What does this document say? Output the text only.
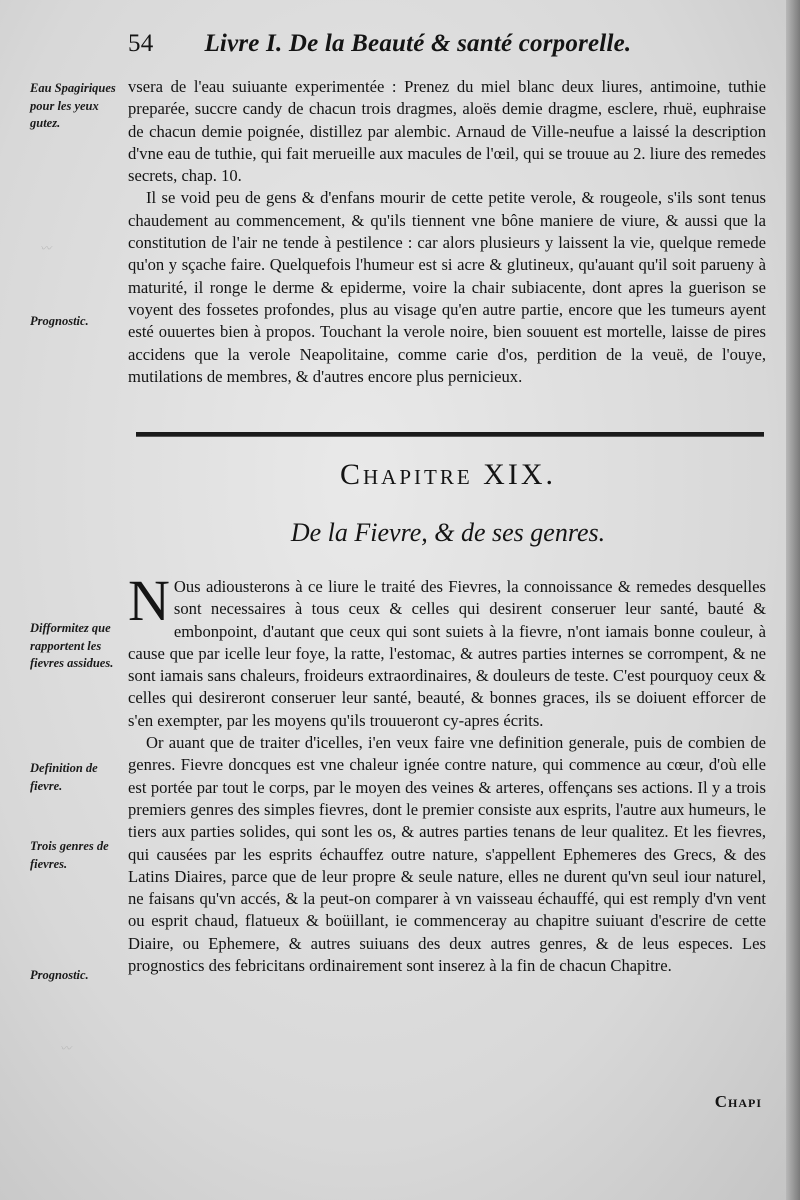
54 Livre I. De la Beauté & santé corporelle.
Eau Spagiriques pour les yeux gutez.
Prognostic.
Difformitez que rapportent les fievres assidues.
Definition de fievre.
Trois genres de fievres.
Prognostic.
〰
〰

vsera de l'eau suiuante experimentée : Prenez du miel blanc deux liures, antimoine, tuthie preparée, succre candy de chacun trois dragmes, aloës demie dragme, esclere, rhuë, euphraise de chacun demie poignée, distillez par alembic. Arnaud de Ville-neufue a laissé la description d'vne eau de tuthie, qui fait merueille aux macules de l'œil, qui se trouue au 2. liure des remedes secrets, chap. 10.

Il se void peu de gens & d'enfans mourir de cette petite verole, & rougeole, s'ils sont tenus chaudement au commencement, & qu'ils tiennent vne bône maniere de viure, & aussi que la constitution de l'air ne tende à pestilence : car alors plusieurs y laissent la vie, quelque remede qu'on y sçache faire. Quelquefois l'humeur est si acre & glutineux, qu'auant qu'il soit parueny à maturité, il ronge le derme & epiderme, voire la chair subiacente, dont apres la guerison se voyent des fossetes profondes, plus au visage qu'en autre partie, encore que les tumeurs ayent esté ouuertes bien à propos. Touchant la verole noire, bien souuent est mortelle, laisse de pires accidens que la verole Neapolitaine, comme carie d'os, perdition de la veuë, de l'ouye, mutilations de membres, & d'autres encore plus pernicieux.

Chapitre XIX.
De la Fievre, & de ses genres.

N Ous adiousterons à ce liure le traité des Fievres, la connoissance & remedes desquelles sont necessaires à tous ceux & celles qui desirent conseruer leur santé, bauté & embonpoint, d'autant que ceux qui sont suiets à la fievre, n'ont iamais bonne couleur, à cause que par icelle leur foye, la ratte, l'estomac, & autres parties internes se corrompent, & ne sont iamais sans chaleurs, froideurs extraordinaires, & douleurs de teste. C'est pourquoy ceux & celles qui desireront conseruer leur santé, beauté, & bonnes graces, ils se doiuent efforcer de s'en exempter, par les moyens qu'ils trouueront cy-apres écrits.

Or auant que de traiter d'icelles, i'en veux faire vne definition generale, puis de combien de genres. Fievre doncques est vne chaleur ignée contre nature, qui commence au cœur, d'où elle est portée par tout le corps, par le moyen des veines & arteres, offençans ses actions. Il y a trois premiers genres des simples fievres, dont le premier consiste aux esprits, l'autre aux humeurs, le tiers aux parties solides, qui sont les os, & autres parties tenans de leur qualitez. Et les fievres, qui causées par les esprits échauffez outre nature, s'appellent Ephemeres des Grecs, & des Latins Diaires, parce que de leur propre & seule nature, elles ne durent qu'vn seul iour naturel, ne faisans qu'vn accés, & la peut-on comparer à vn vaisseau échauffé, qui est remply d'vn vent ou esprit chaud, flatueux & boüillant, ie commenceray au chapitre suiuant d'escrire de cette Diaire, ou Ephemere, & autres suiuans des deux autres genres, & de leus especes. Les prognostics des febricitans ordinairement sont inserez à la fin de chacun Chapitre.

Chapi
